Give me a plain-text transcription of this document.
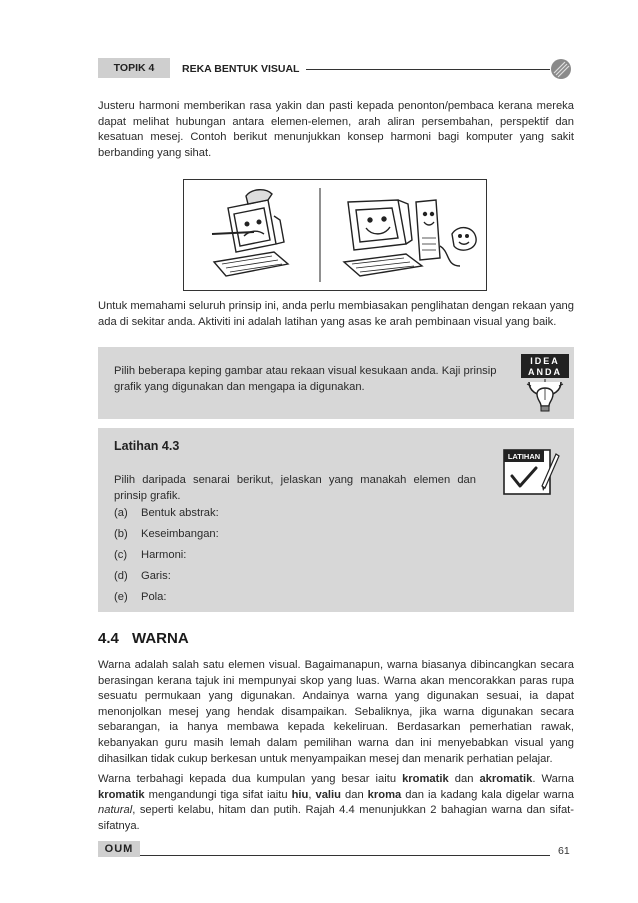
TOPIK 4	REKA BENTUK VISUAL
Justeru harmoni memberikan rasa yakin dan pasti kepada penonton/pembaca kerana mereka dapat melihat hubungan antara elemen-elemen, arah aliran persembahan, perspektif dan kesatuan mesej. Contoh berikut menunjukkan konsep harmoni bagi komputer yang sakit berbanding yang sihat.
Untuk memahami seluruh prinsip ini, anda perlu membiasakan penglihatan dengan rekaan yang ada di sekitar anda. Aktiviti ini adalah latihan yang asas ke arah pembinaan visual yang baik.
Pilih beberapa keping gambar atau rekaan visual kesukaan anda. Kaji prinsip grafik yang digunakan dan mengapa ia digunakan.
IDEA
ANDA
Latihan 4.3
Pilih daripada senarai berikut, jelaskan yang manakah elemen dan prinsip grafik.
(a) Bentuk abstrak:
(b) Keseimbangan:
(c) Harmoni:
(d) Garis:
(e) Pola:
LATIHAN
4.4 WARNA
Warna adalah salah satu elemen visual. Bagaimanapun, warna biasanya dibincangkan secara berasingan kerana tajuk ini mempunyai skop yang luas. Warna akan mencorakkan paras rupa sesuatu permukaan yang digunakan. Andainya warna yang digunakan sesuai, ia dapat menonjolkan mesej yang hendak disampaikan. Sebaliknya, jika warna digunakan secara sebarangan, ia hanya membawa kepada kekeliruan. Berdasarkan pemerhatian rawak, kebanyakan guru masih lemah dalam pemilihan warna dan ini menyebabkan visual yang dihasilkan tidak cukup berkesan untuk menyampaikan mesej dan menarik perhatian pelajar.
Warna terbahagi kepada dua kumpulan yang besar iaitu kromatik dan akromatik. Warna kromatik mengandungi tiga sifat iaitu hiu, valiu dan kroma dan ia kadang kala digelar warna natural, seperti kelabu, hitam dan putih. Rajah 4.4 menunjukkan 2 bahagian warna dan sifat-sifatnya.
OUM	61
